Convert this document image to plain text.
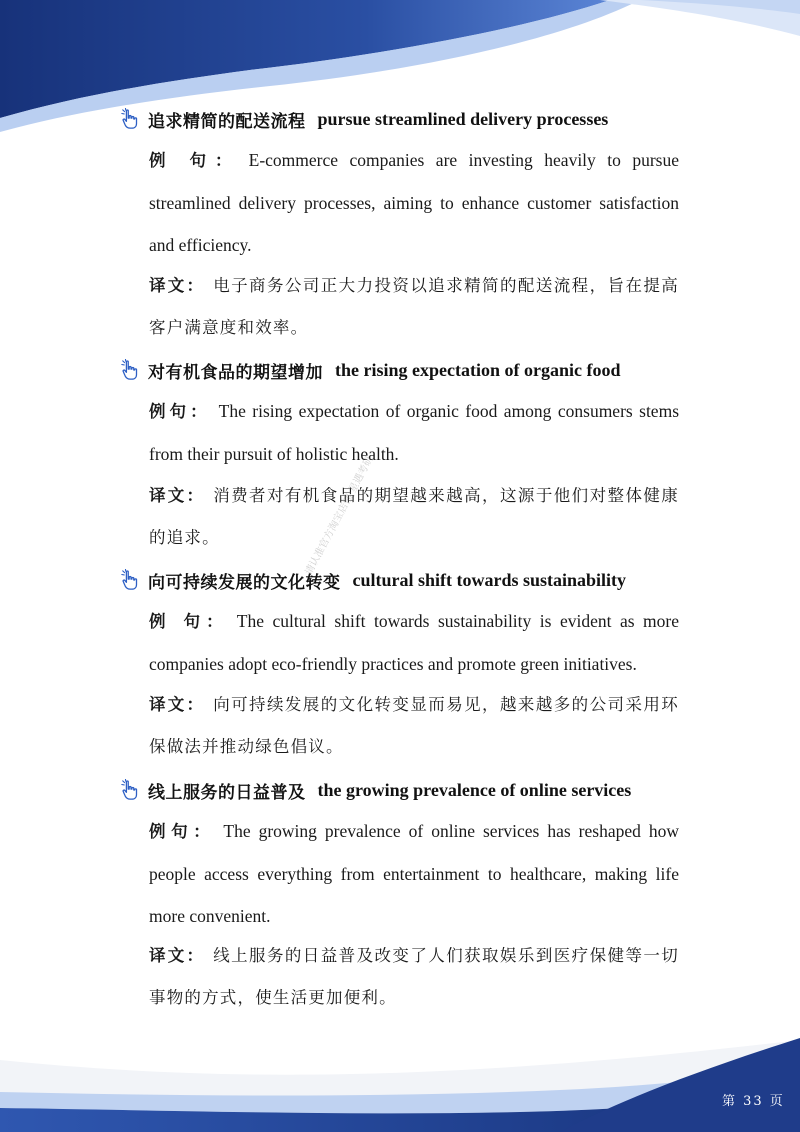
追求精简的配送流程 pursue streamlined delivery processes
例 句： E-commerce companies are investing heavily to pursue streamlined delivery processes, aiming to enhance customer satisfaction and efficiency.
译文： 电子商务公司正大力投资以追求精简的配送流程，旨在提高客户满意度和效率。
对有机食品的期望增加 the rising expectation of organic food
例句： The rising expectation of organic food among consumers stems from their pursuit of holistic health.
译文： 消费者对有机食品的期望越来越高，这源于他们对整体健康的追求。
向可持续发展的文化转变 cultural shift towards sustainability
例 句： The cultural shift towards sustainability is evident as more companies adopt eco-friendly practices and promote green initiatives.
译文： 向可持续发展的文化转变显而易见，越来越多的公司采用环保做法并推动绿色倡议。
线上服务的日益普及 the growing prevalence of online services
例句： The growing prevalence of online services has reshaped how people access everything from entertainment to healthcare, making life more convenient.
译文： 线上服务的日益普及改变了人们获取娱乐到医疗保健等一切事物的方式，使生活更加便利。
请认准官方淘宝店铺·星遇考研
第 33 页
